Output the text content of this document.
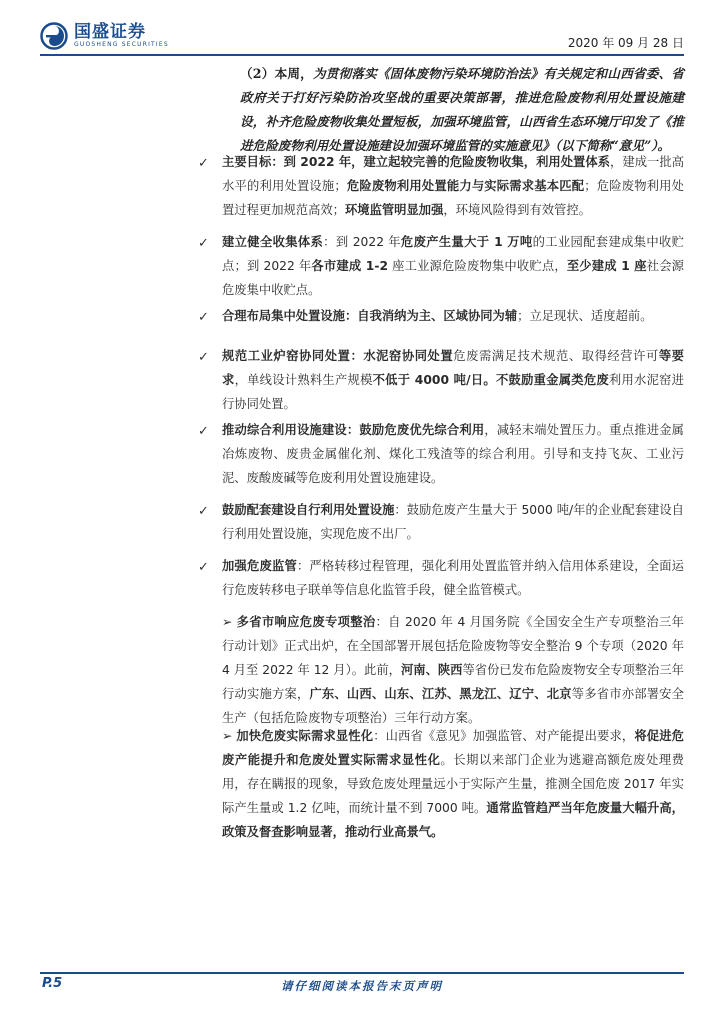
国盛证券
GUOSHENG SECURITIES	2020 年 09 月 28 日

（2）本周，为贯彻落实《固体废物污染环境防治法》有关规定和山西省委、省政府关于打好污染防治攻坚战的重要决策部署，推进危险废物利用处置设施建设，补齐危险废物收集处置短板，加强环境监管，山西省生态环境厅印发了《推进危险废物利用处置设施建设加强环境监管的实施意见》（以下简称“意见”）。

✓ 主要目标：到 2022 年，建立起较完善的危险废物收集，利用处置体系，建成一批高水平的利用处置设施；危险废物利用处置能力与实际需求基本匹配；危险废物利用处置过程更加规范高效；环境监管明显加强，环境风险得到有效管控。
✓ 建立健全收集体系：到 2022 年危废产生量大于 1 万吨的工业园配套建成集中收贮点；到 2022 年各市建成 1-2 座工业源危险废物集中收贮点，至少建成 1 座社会源危废集中收贮点。
✓ 合理布局集中处置设施：自我消纳为主、区域协同为辅；立足现状、适度超前。
✓ 规范工业炉窑协同处置：水泥窑协同处置危废需满足技术规范、取得经营许可等要求，单线设计熟料生产规模不低于 4000 吨/日。不鼓励重金属类危废利用水泥窑进行协同处置。
✓ 推动综合利用设施建设：鼓励危废优先综合利用，减轻末端处置压力。重点推进金属冶炼废物、废贵金属催化剂、煤化工残渣等的综合利用。引导和支持飞灰、工业污泥、废酸废碱等危废利用处置设施建设。
✓ 鼓励配套建设自行利用处置设施：鼓励危废产生量大于 5000 吨/年的企业配套建设自行利用处置设施，实现危废不出厂。
✓ 加强危废监管：严格转移过程管理，强化利用处置监管并纳入信用体系建设，全面运行危废转移电子联单等信息化监管手段，健全监管模式。
➢ 多省市响应危废专项整治：自 2020 年 4 月国务院《全国安全生产专项整治三年行动计划》正式出炉，在全国部署开展包括危险废物等安全整治 9 个专项（2020 年 4 月至 2022 年 12 月）。此前，河南、陕西等省份已发布危险废物安全专项整治三年行动实施方案，广东、山西、山东、江苏、黑龙江、辽宁、北京等多省市亦部署安全生产（包括危险废物专项整治）三年行动方案。
➢ 加快危废实际需求显性化：山西省《意见》加强监管、对产能提出要求，将促进危废产能提升和危废处置实际需求显性化。长期以来部门企业为逃避高额危废处理费用，存在瞒报的现象，导致危废处理量远小于实际产生量，推测全国危废 2017 年实际产生量或 1.2 亿吨，而统计量不到 7000 吨。通常监管趋严当年危废量大幅升高，政策及督查影响显著，推动行业高景气。
P.5	请仔细阅读本报告末页声明
